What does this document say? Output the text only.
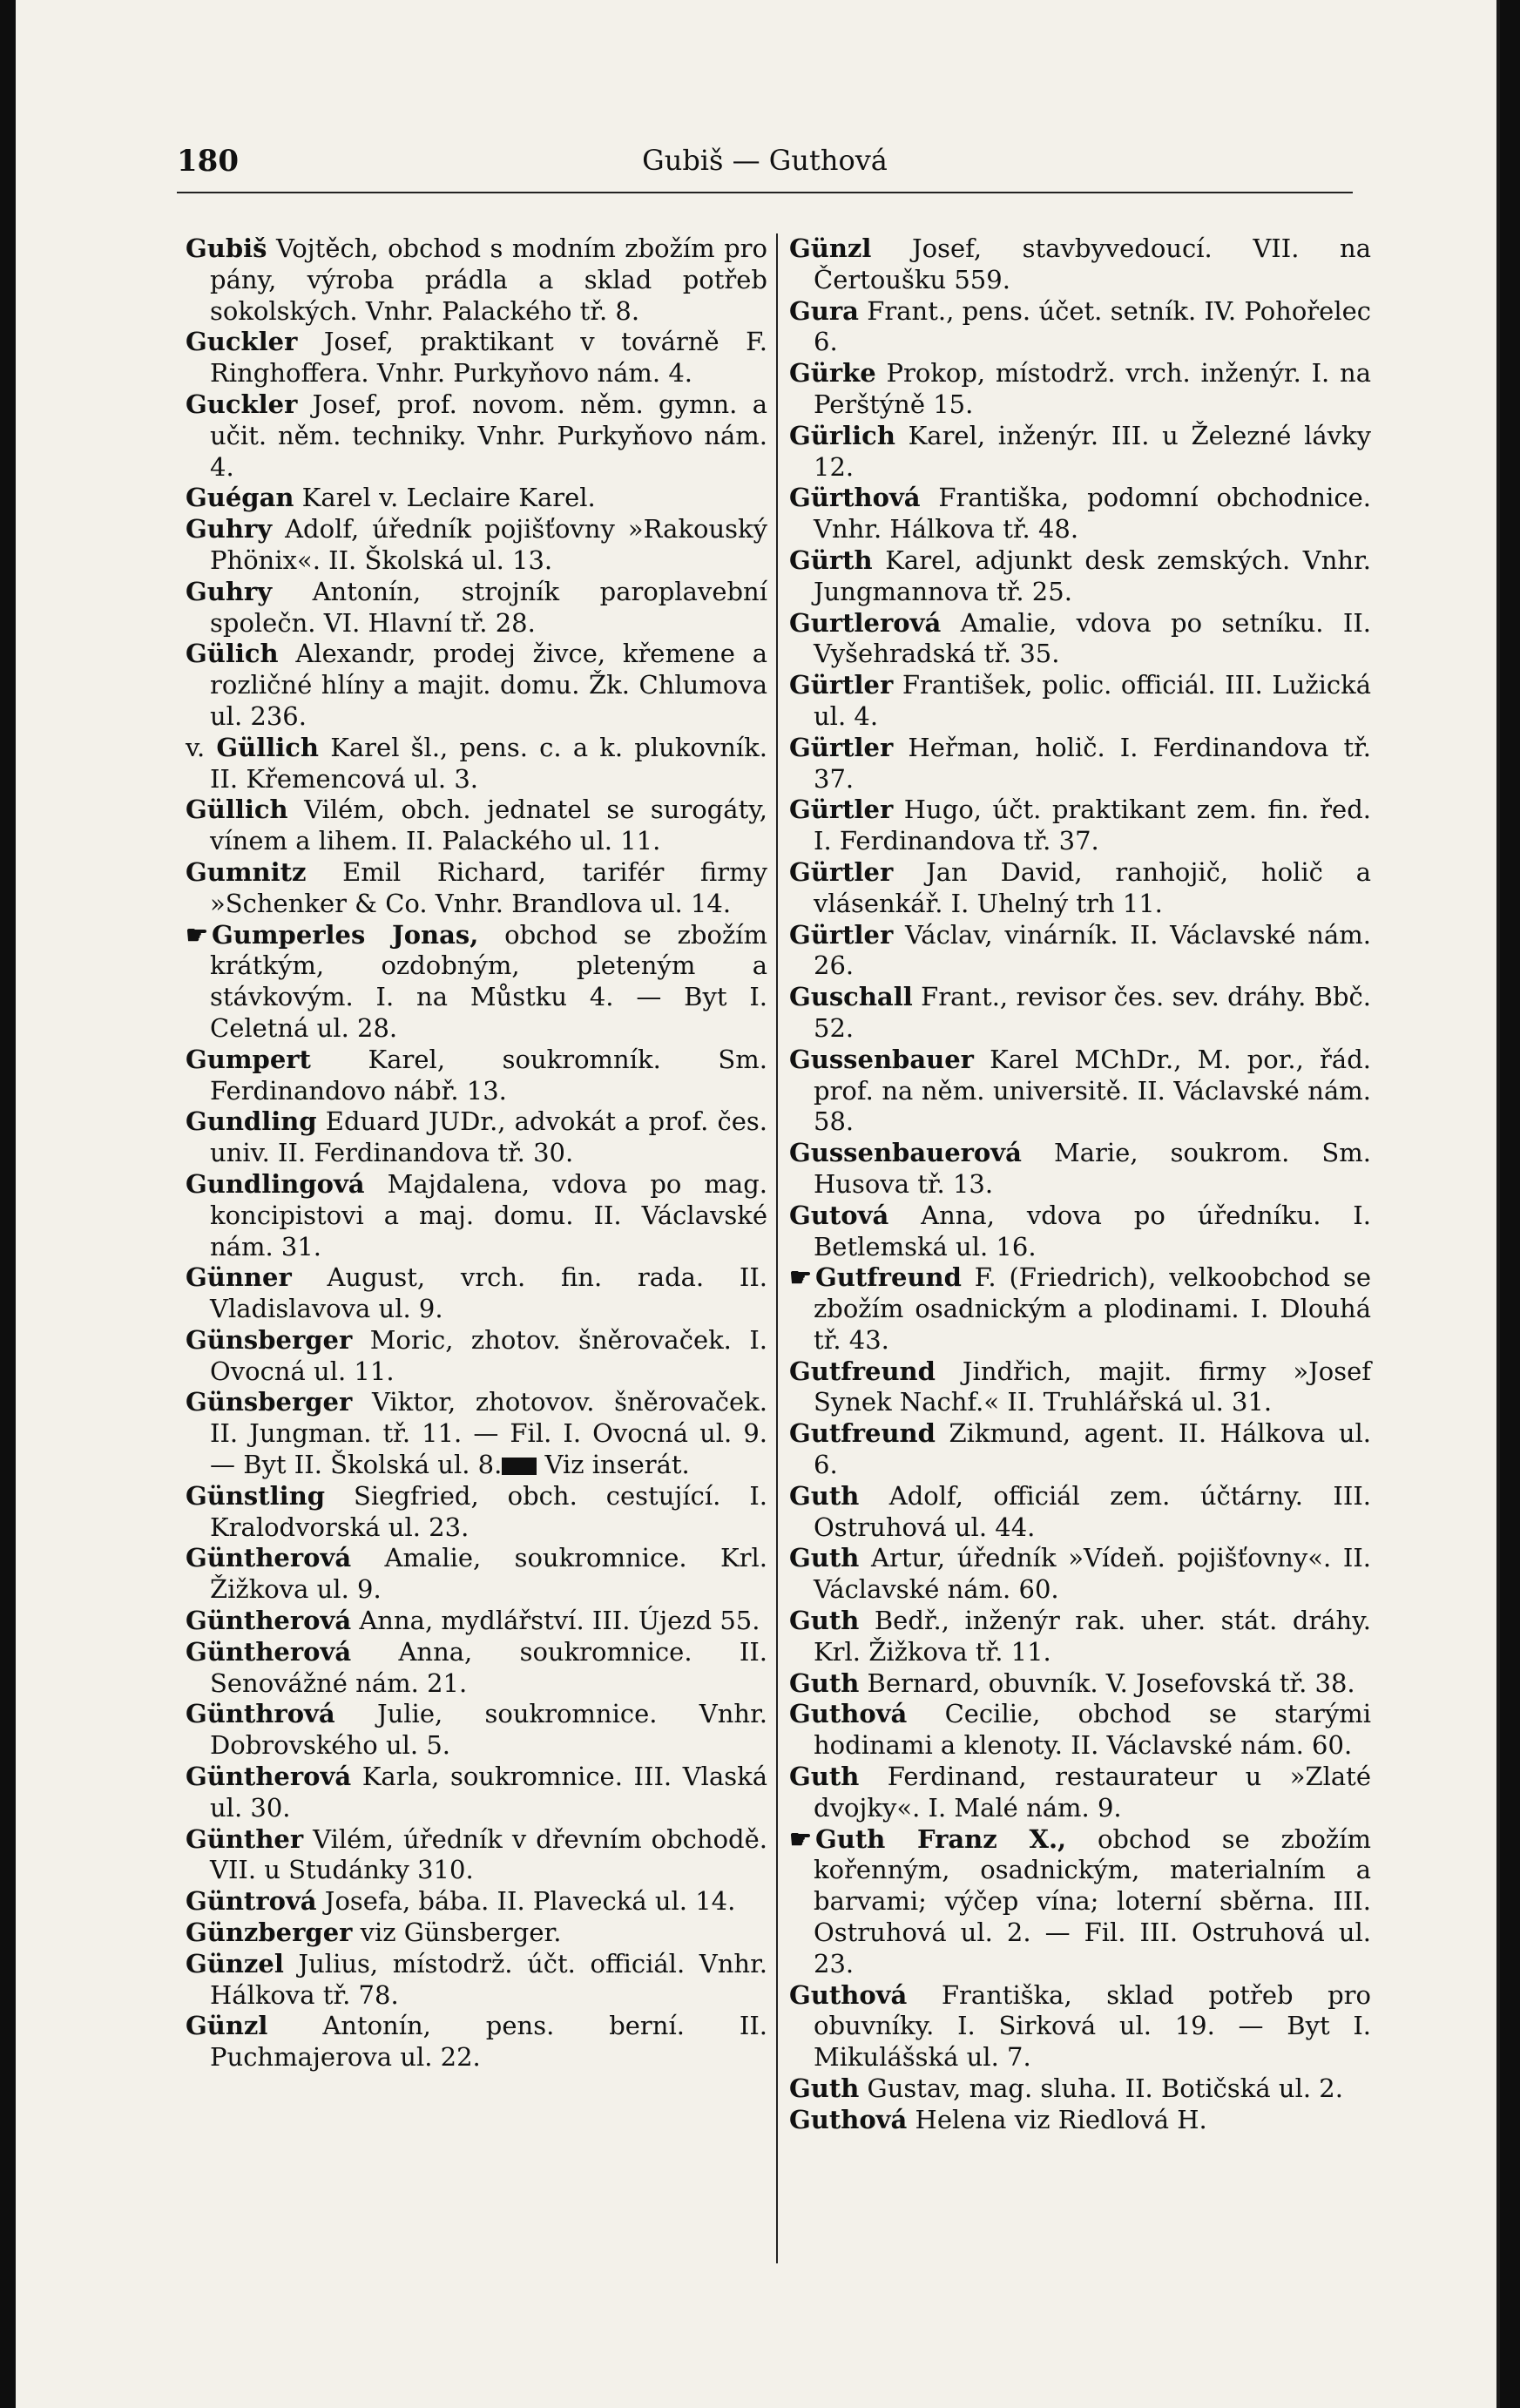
180	Gubiš — Guthová

Gubiš Vojtěch, obchod s modním zbožím pro pány, výroba prádla a sklad potřeb sokolských. Vnhr. Palackého tř. 8.

Guckler Josef, praktikant v továrně F. Ringhoffera. Vnhr. Purkyňovo nám. 4.

Guckler Josef, prof. novom. něm. gymn. a učit. něm. techniky. Vnhr. Purkyňovo nám. 4.

Guégan Karel v. Leclaire Karel.

Guhry Adolf, úředník pojišťovny »Rakouský Phönix«. II. Školská ul. 13.

Guhry Antonín, strojník paroplavební společn. VI. Hlavní tř. 28.

Gülich Alexandr, prodej živce, křemene a rozličné hlíny a majit. domu. Žk. Chlumova ul. 236.

v. Güllich Karel šl., pens. c. a k. plukovník. II. Křemencová ul. 3.

Güllich Vilém, obch. jednatel se surogáty, vínem a lihem. II. Palackého ul. 11.

Gumnitz Emil Richard, tarifér firmy »Schenker & Co. Vnhr. Brandlova ul. 14.

☛ Gumperles Jonas, obchod se zbožím krátkým, ozdobným, pleteným a stávkovým. I. na Můstku 4. — Byt I. Celetná ul. 28.

Gumpert Karel, soukromník. Sm. Ferdinandovo nábř. 13.

Gundling Eduard JUDr., advokát a prof. čes. univ. II. Ferdinandova tř. 30.

Gundlingová Majdalena, vdova po mag. koncipistovi a maj. domu. II. Václavské nám. 31.

Günner August, vrch. fin. rada. II. Vladislavova ul. 9.

Günsberger Moric, zhotov. šněrovaček. I. Ovocná ul. 11.

Günsberger Viktor, zhotovov. šněrovaček. II. Jungman. tř. 11. — Fil. I. Ovocná ul. 9. — Byt II. Školská ul. 8. Viz inserát.

Günstling Siegfried, obch. cestující. I. Kralodvorská ul. 23.

Güntherová Amalie, soukromnice. Krl. Žižkova ul. 9.

Güntherová Anna, mydlářství. III. Újezd 55.

Güntherová Anna, soukromnice. II. Senovážné nám. 21.

Günthrová Julie, soukromnice. Vnhr. Dobrovského ul. 5.

Güntherová Karla, soukromnice. III. Vlaská ul. 30.

Günther Vilém, úředník v dřevním obchodě. VII. u Studánky 310.

Güntrová Josefa, bába. II. Plavecká ul. 14.

Günzberger viz Günsberger.

Günzel Julius, místodrž. účt. officiál. Vnhr. Hálkova tř. 78.

Günzl Antonín, pens. berní. II. Puchmajerova ul. 22.

Günzl Josef, stavbyvedoucí. VII. na Čertoušku 559.

Gura Frant., pens. účet. setník. IV. Pohořelec 6.

Gürke Prokop, místodrž. vrch. inženýr. I. na Perštýně 15.

Gürlich Karel, inženýr. III. u Železné lávky 12.

Gürthová Františka, podomní obchodnice. Vnhr. Hálkova tř. 48.

Gürth Karel, adjunkt desk zemských. Vnhr. Jungmannova tř. 25.

Gurtlerová Amalie, vdova po setníku. II. Vyšehradská tř. 35.

Gürtler František, polic. officiál. III. Lužická ul. 4.

Gürtler Heřman, holič. I. Ferdinandova tř. 37.

Gürtler Hugo, účt. praktikant zem. fin. řed. I. Ferdinandova tř. 37.

Gürtler Jan David, ranhojič, holič a vlásenkář. I. Uhelný trh 11.

Gürtler Václav, vinárník. II. Václavské nám. 26.

Guschall Frant., revisor čes. sev. dráhy. Bbč. 52.

Gussenbauer Karel MChDr., M. por., řád. prof. na něm. universitě. II. Václavské nám. 58.

Gussenbauerová Marie, soukrom. Sm. Husova tř. 13.

Gutová Anna, vdova po úředníku. I. Betlemská ul. 16.

☛ Gutfreund F. (Friedrich), velkoobchod se zbožím osadnickým a plodinami. I. Dlouhá tř. 43.

Gutfreund Jindřich, majit. firmy »Josef Synek Nachf.« II. Truhlářská ul. 31.

Gutfreund Zikmund, agent. II. Hálkova ul. 6.

Guth Adolf, officiál zem. účtárny. III. Ostruhová ul. 44.

Guth Artur, úředník »Vídeň. pojišťovny«. II. Václavské nám. 60.

Guth Bedř., inženýr rak. uher. stát. dráhy. Krl. Žižkova tř. 11.

Guth Bernard, obuvník. V. Josefovská tř. 38.

Guthová Cecilie, obchod se starými hodinami a klenoty. II. Václavské nám. 60.

Guth Ferdinand, restaurateur u »Zlaté dvojky«. I. Malé nám. 9.

☛ Guth Franz X., obchod se zbožím kořenným, osadnickým, materialním a barvami; výčep vína; loterní sběrna. III. Ostruhová ul. 2. — Fil. III. Ostruhová ul. 23.

Guthová Františka, sklad potřeb pro obuvníky. I. Sirková ul. 19. — Byt I. Mikulášská ul. 7.

Guth Gustav, mag. sluha. II. Botičská ul. 2.

Guthová Helena viz Riedlová H.
